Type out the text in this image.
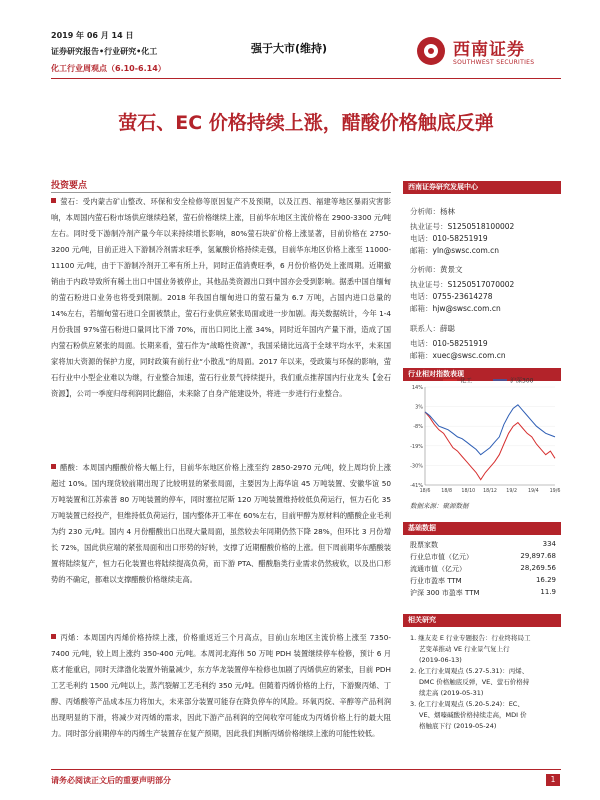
2019 年 06 月 14 日
证券研究报告•行业研究•化工
化工行业周观点（6.10-6.14）
强于大市(维持)	西南证券
SOUTHWEST SECURITIES
萤石、EC 价格持续上涨，醋酸价格触底反弹
投资要点
萤石：受内蒙古矿山整改、环保和安全检修等原因复产不及预期，以及江西、福建等地区暴雨灾害影响，本周国内萤石粉市场供应继续趋紧，萤石价格继续上涨，目前华东地区主流价格在 2900-3300 元/吨左右。同时受下游制冷剂产量今年以来持续增长影响，80%萤石块矿价格上涨显著，目前价格在 2750-3200 元/吨，目前正进入下游制冷剂需求旺季，氢氟酸价格持续走强，目前华东地区价格上涨至 11000-11100 元/吨，由于下游制冷剂开工率有所上升，同时正值消费旺季，6 月份价格仍处上涨周期。近期撤销由于内政导致所有稀土出口中国业务被停止，其他品类资源出口到中国亦会受到影响。据悉中国自缅甸的萤石粉进口业务也将受到限制。2018 年我国自缅甸进口的萤石量为 6.7 万吨，占国内进口总量的 14%左右，若缅甸萤石进口全面被禁止，萤石行业供应紧张局面或进一步加剧。海关数据统计，今年 1-4 月份我国 97%萤石粉进口量同比下滑 70%，而出口同比上涨 34%，同时近年国内产量下滑，造成了国内萤石粉供应紧张的局面。长期来看，萤石作为“战略性资源”，我国采储比远高于全球平均水平，未来国家将加大资源的保护力度，同时政策有前行业“小散乱”的局面。2017 年以来，受政策与环保的影响，萤石行业中小型企业难以为继，行业整合加速，萤石行业景气持续提升，我们重点推荐国内行业龙头【金石资源】，公司一季度归母利润同比翻倍，未来除了自身产能建设外，将进一步进行行业整合。
醋酸：本周国内醋酸价格大幅上行，目前华东地区价格上涨至约 2850-2970 元/吨，较上周均价上涨超过 10%。国内现货较前期出现了比较明显的紧张局面，主要因为上海华谊 45 万吨装置、安徽华谊 50 万吨装置和江苏索普 80 万吨装置的停车，同时塞拉尼斯 120 万吨装置维持较低负荷运行，恒力石化 35 万吨装置已经投产，但维持低负荷运行，国内整体开工率在 60%左右，目前甲醇为原材料的醋酸企业毛利为约 230 元/吨。国内 4 月份醋酸出口出现大量局面，虽然较去年同期仍然下降 28%，但环比 3 月份增长 72%，国此供应端的紧张局面和出口形势的好转，支撑了近期醋酸价格的上涨。但下周前期华东醋酸装置将陆续复产，恒力石化装置也将陆续提高负荷，而下游 PTA、醋酸脂类行业需求仍然疲软，以及出口形势的不确定，都难以支撑醋酸价格继续走高。
丙烯：本周国内丙烯价格持续上涨，价格重返近三个月高点，目前山东地区主流价格上涨至 7350-7400 元/吨，较上周上涨约 350-400 元/吨。本周河北海伟 50 万吨 PDH 装置继续停车检修，预计 6 月底才能重启，同时天津渤化装置外销量减少，东方华龙装置停车检修也加剧了丙烯供应的紧张，目前 PDH 工艺毛利约 1500 元/吨以上，蒸汽裂解工艺毛利约 350 元/吨。但随着丙烯价格的上行，下游聚丙烯、丁醇、丙烯酸等产品成本压力将加大，未来部分装置可能存在降负停车的风险。环氧丙烷、辛醇等产品利润出现明显的下滑，将减少对丙烯的需求，因此下游产品利润的空间收窄可能成为丙烯价格上行的最大阻力。同时部分前期停车的丙烯生产装置存在复产预期，因此我们判断丙烯价格继续上涨的可能性较低。
西南证券研究发展中心
分析师：杨林
执业证号：S1250518100002
电话：010-58251919
邮箱：yln@swsc.com.cn
分析师：黄景文
执业证号：S1250517070002
电话：0755-23614278
邮箱：hjw@swsc.com.cn
联系人：薛聪
电话：010-58251919
邮箱：xuec@swsc.com.cn
行业相对指数表现
化工	沪深300
14%
3%
-8%
-19%
-30%
-41%
18/6 18/8 18/10 18/12 19/2 19/4 19/6
数据来源：聚源数据
基础数据
股票家数	334
行业总市值（亿元）	29,897.68
流通市值（亿元）	28,269.56
行业市盈率 TTM	16.29
沪深 300 市盈率 TTM	11.9
相关研究
1. 继友麦 E 行业专题报告：行业终将局工
艺变革推动 VE 行业景气复上行
(2019-06-13)
2. 化工行业周观点 (5.27-5.31)：丙烯、
DMC 价格触底反弹，VE、萤石价格持
续走高 (2019-05-31)
3. 化工行业周观点 (5.20-5.24)：EC、
VE、烟嗪碱酸价格持续走高，MDI 价
格触底下行 (2019-05-24)
请务必阅读正文后的重要声明部分	1
